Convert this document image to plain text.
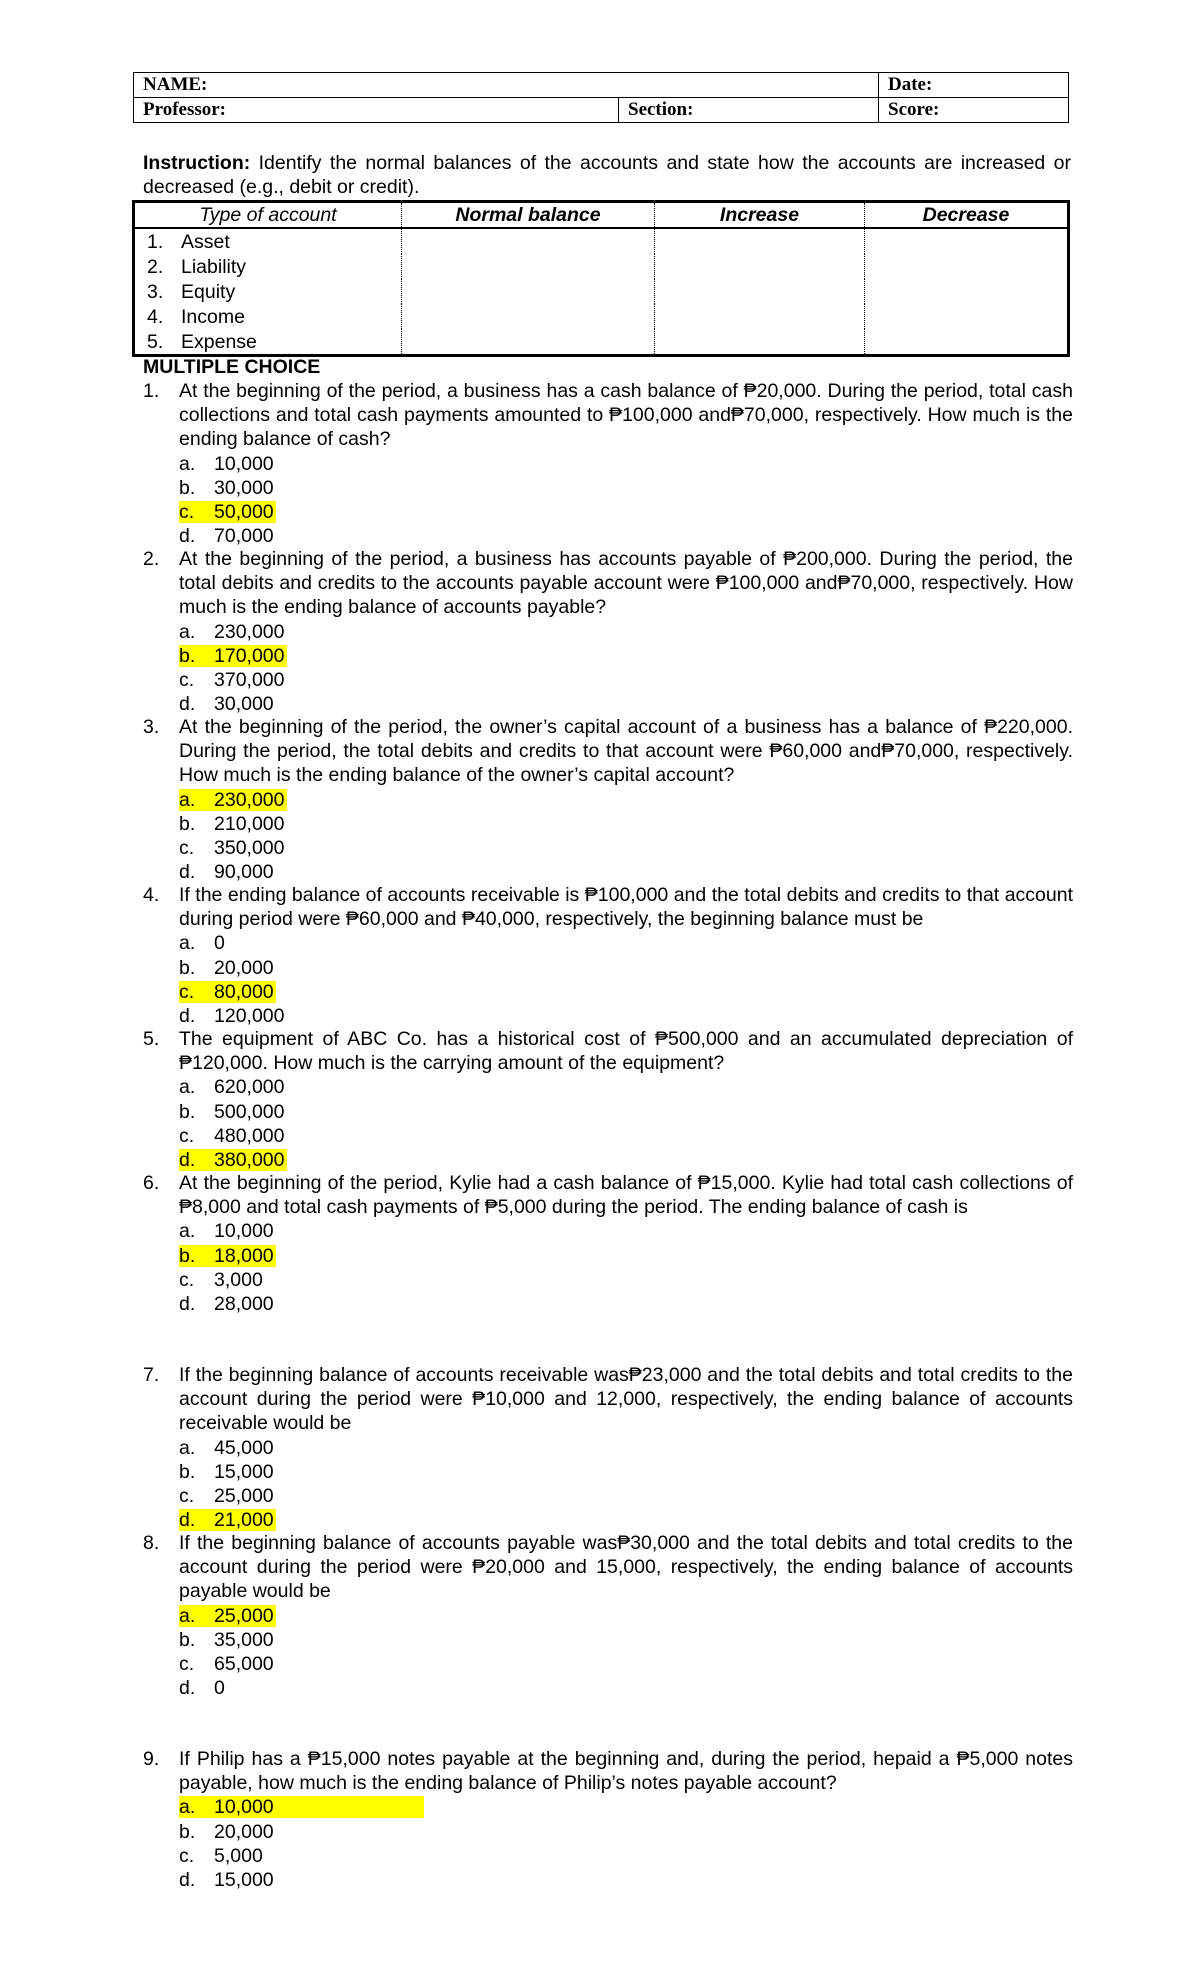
NAME:		Date:
Professor:	Section:	Score:
Instruction: Identify the normal balances of the accounts and state how the accounts are increased or decreased (e.g., debit or credit).
Type of account	Normal balance	Increase	Decrease
1. Asset			
2. Liability			
3. Equity			
4. Income			
5. Expense			
MULTIPLE CHOICE
1. At the beginning of the period, a business has a cash balance of ₱20,000. During the period, total cash collections and total cash payments amounted to ₱100,000 and₱70,000, respectively. How much is the ending balance of cash?
a. 10,000
b. 30,000
c. 50,000
d. 70,000
2. At the beginning of the period, a business has accounts payable of ₱200,000. During the period, the total debits and credits to the accounts payable account were ₱100,000 and₱70,000, respectively. How much is the ending balance of accounts payable?
a. 230,000
b. 170,000
c. 370,000
d. 30,000
3. At the beginning of the period, the owner’s capital account of a business has a balance of ₱220,000. During the period, the total debits and credits to that account were ₱60,000 and₱70,000, respectively. How much is the ending balance of the owner’s capital account?
a. 230,000
b. 210,000
c. 350,000
d. 90,000
4. If the ending balance of accounts receivable is ₱100,000 and the total debits and credits to that account during period were ₱60,000 and ₱40,000, respectively, the beginning balance must be
a. 0
b. 20,000
c. 80,000
d. 120,000
5. The equipment of ABC Co. has a historical cost of ₱500,000 and an accumulated depreciation of ₱120,000. How much is the carrying amount of the equipment?
a. 620,000
b. 500,000
c. 480,000
d. 380,000
6. At the beginning of the period, Kylie had a cash balance of ₱15,000. Kylie had total cash collections of ₱8,000 and total cash payments of ₱5,000 during the period. The ending balance of cash is
a. 10,000
b. 18,000
c. 3,000
d. 28,000
7. If the beginning balance of accounts receivable was₱23,000 and the total debits and total credits to the account during the period were ₱10,000 and 12,000, respectively, the ending balance of accounts receivable would be
a. 45,000
b. 15,000
c. 25,000
d. 21,000
8. If the beginning balance of accounts payable was₱30,000 and the total debits and total credits to the account during the period were ₱20,000 and 15,000, respectively, the ending balance of accounts payable would be
a. 25,000
b. 35,000
c. 65,000
d. 0
9. If Philip has a ₱15,000 notes payable at the beginning and, during the period, hepaid a ₱5,000 notes payable, how much is the ending balance of Philip’s notes payable account?
a. 10,000
b. 20,000
c. 5,000
d. 15,000
